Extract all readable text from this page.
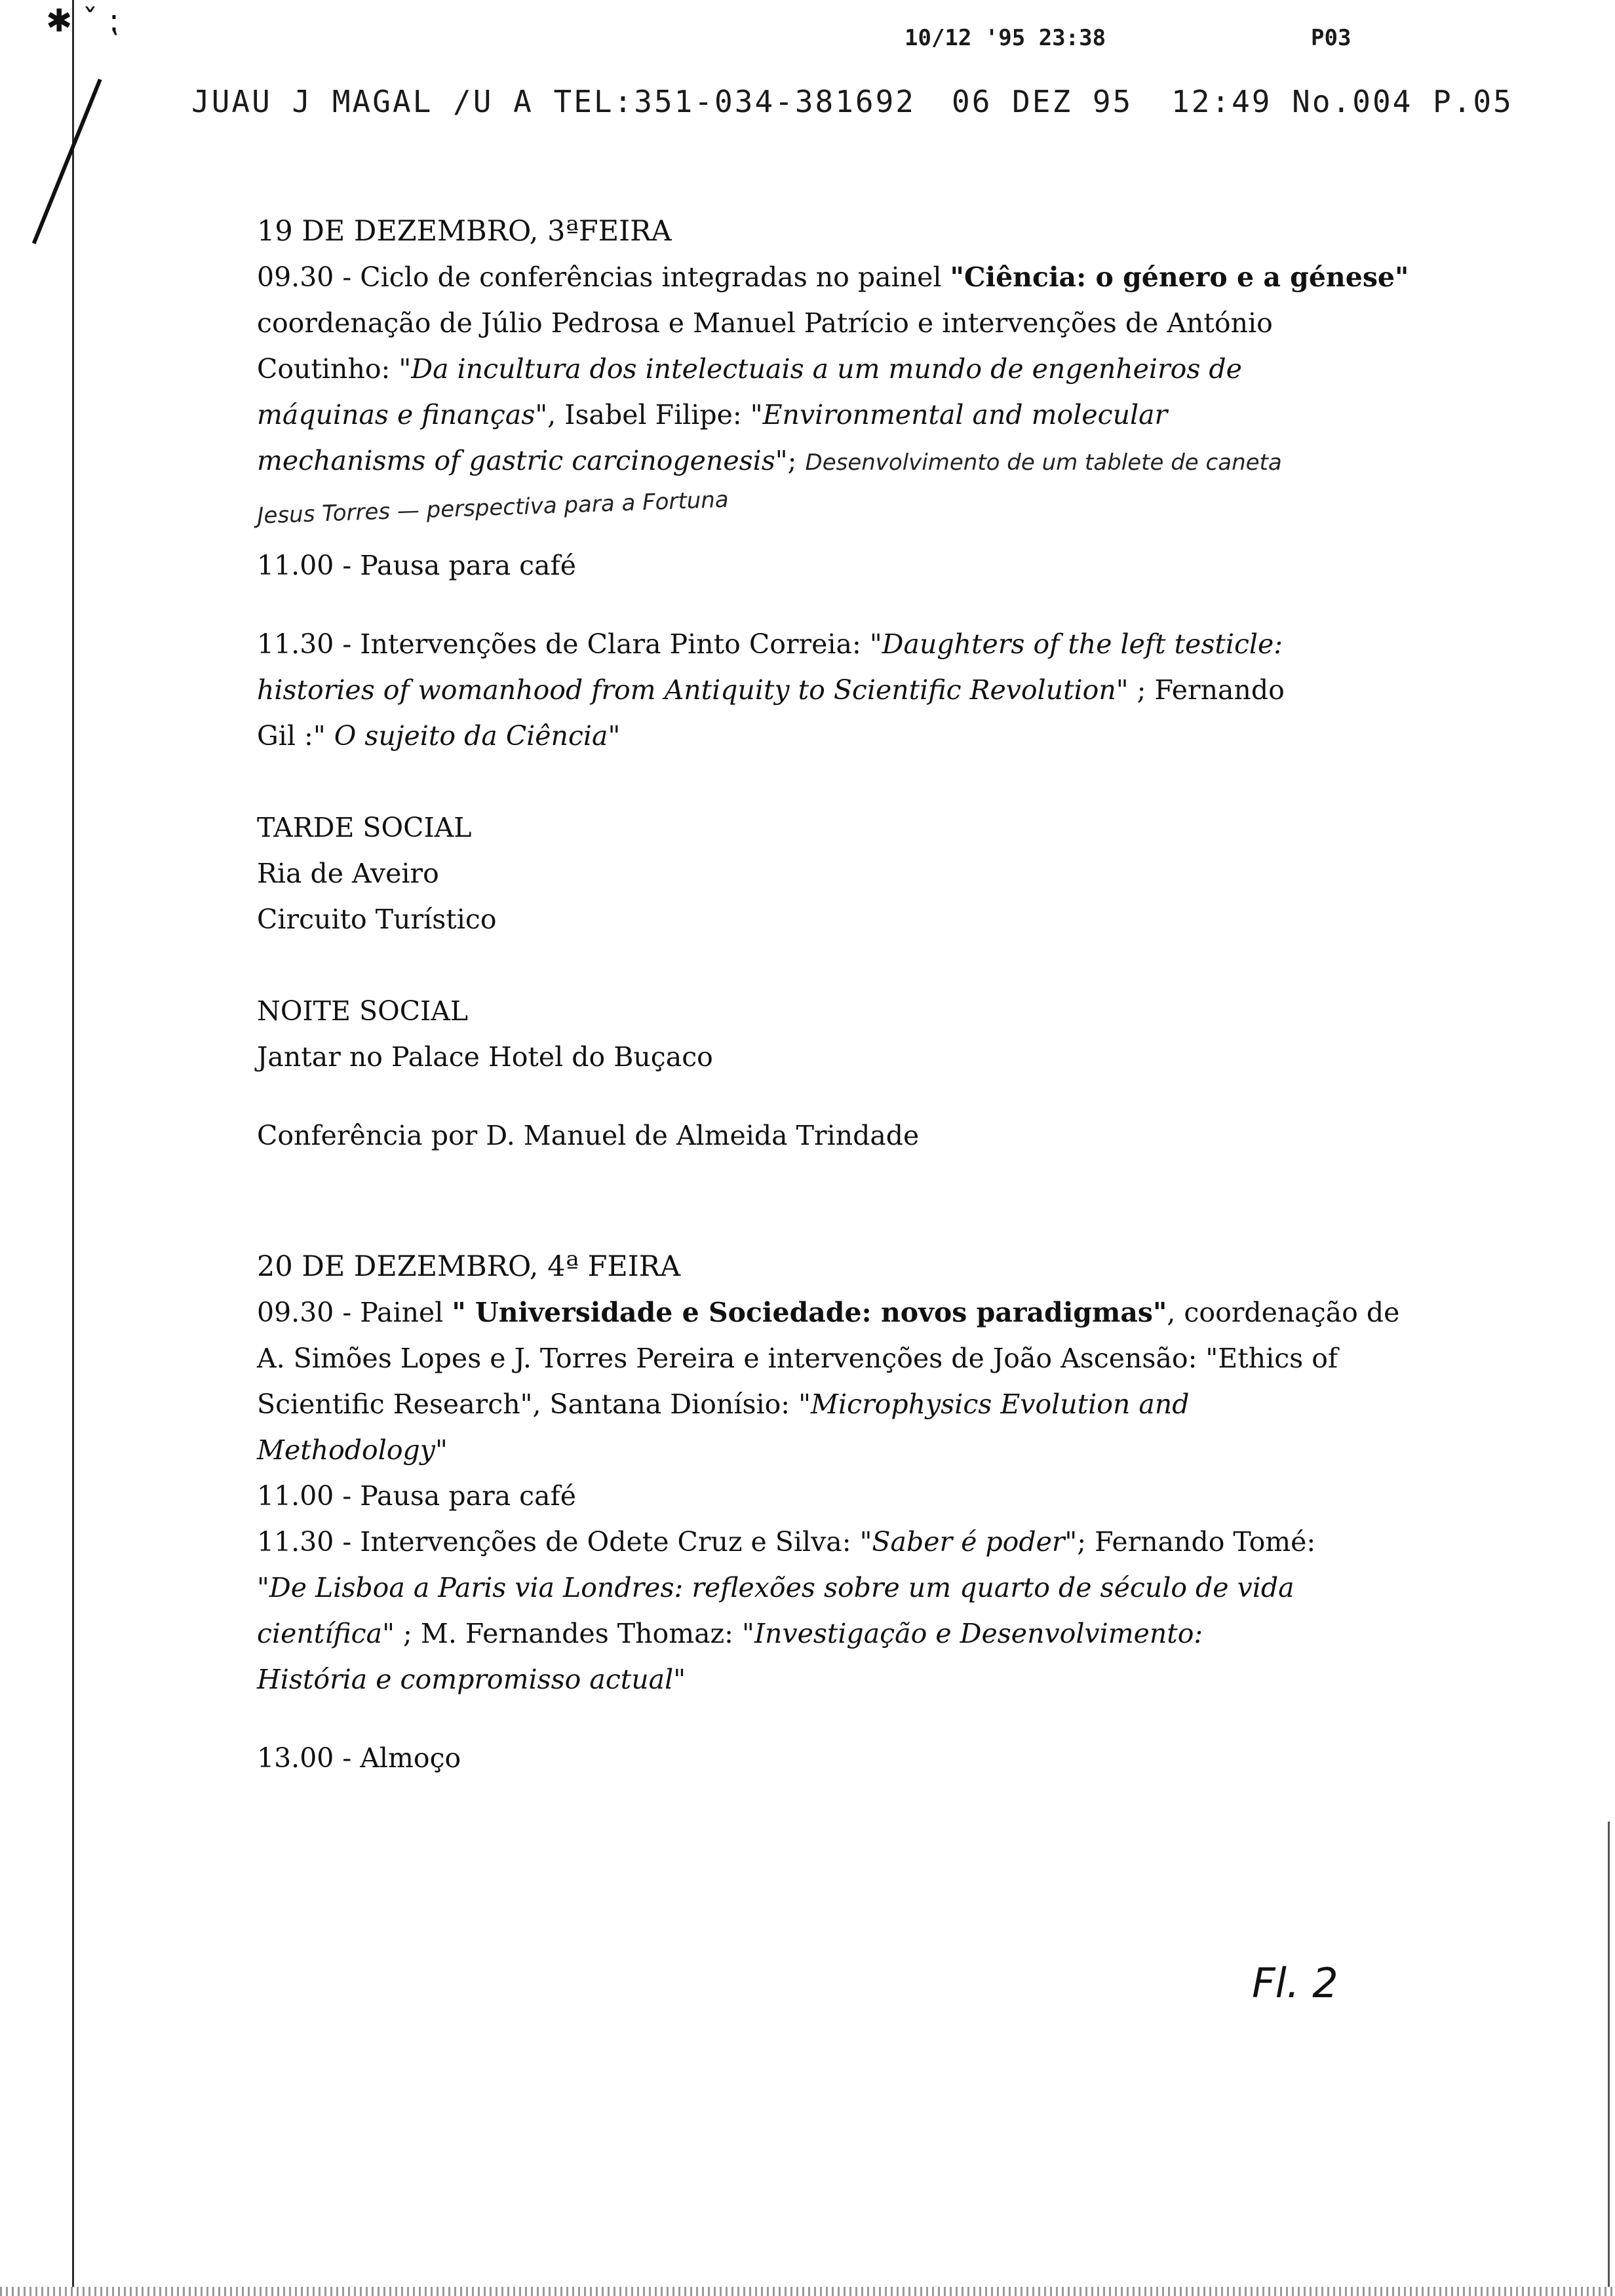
✱ ˇ ⁏	10/12 '95 23:38	P03
JUAU J MAGAL /U A TEL:351-034-381692 06 DEZ 95 12:49 No.004 P.05
19 DE DEZEMBRO, 3ªFEIRA
09.30 - Ciclo de conferências integradas no painel "Ciência: o género e a génese"
coordenação de Júlio Pedrosa e Manuel Patrício e intervenções de António
Coutinho: "Da incultura dos intelectuais a um mundo de engenheiros de
máquinas e finanças", Isabel Filipe: "Environmental and molecular
mechanisms of gastric carcinogenesis"; Desenvolvimento de um tablete de caneta
Jesus Torres — perspectiva para a Fortuna
11.00 - Pausa para café
11.30 - Intervenções de Clara Pinto Correia: "Daughters of the left testicle:
histories of womanhood from Antiquity to Scientific Revolution" ; Fernando
Gil :" O sujeito da Ciência"
TARDE SOCIAL
Ria de Aveiro
Circuito Turístico
NOITE SOCIAL
Jantar no Palace Hotel do Buçaco
Conferência por D. Manuel de Almeida Trindade
20 DE DEZEMBRO, 4ª FEIRA
09.30 - Painel " Universidade e Sociedade: novos paradigmas", coordenação de
A. Simões Lopes e J. Torres Pereira e intervenções de João Ascensão: "Ethics of
Scientific Research", Santana Dionísio: "Microphysics Evolution and
Methodology"
11.00 - Pausa para café
11.30 - Intervenções de Odete Cruz e Silva: "Saber é poder"; Fernando Tomé:
"De Lisboa a Paris via Londres: reflexões sobre um quarto de século de vida
científica" ; M. Fernandes Thomaz: "Investigação e Desenvolvimento:
História e compromisso actual"
13.00 - Almoço
Fl. 2
